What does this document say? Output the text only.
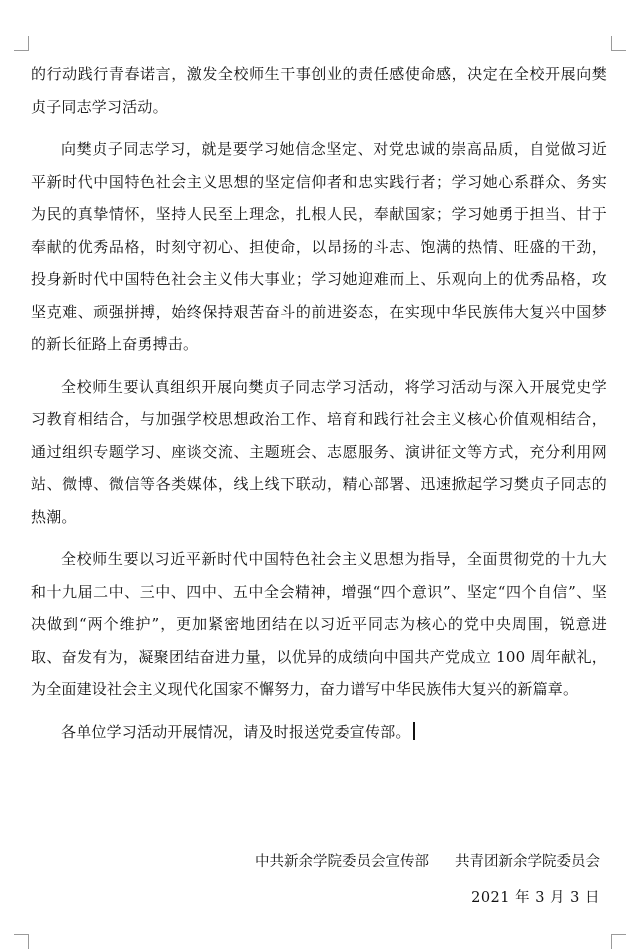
的行动践行青春诺言，激发全校师生干事创业的责任感使命感，决定在全校开展向樊贞子同志学习活动。

向樊贞子同志学习，就是要学习她信念坚定、对党忠诚的崇高品质，自觉做习近平新时代中国特色社会主义思想的坚定信仰者和忠实践行者；学习她心系群众、务实为民的真挚情怀，坚持人民至上理念，扎根人民，奉献国家；学习她勇于担当、甘于奉献的优秀品格，时刻守初心、担使命，以昂扬的斗志、饱满的热情、旺盛的干劲，投身新时代中国特色社会主义伟大事业；学习她迎难而上、乐观向上的优秀品格，攻坚克难、顽强拼搏，始终保持艰苦奋斗的前进姿态，在实现中华民族伟大复兴中国梦的新长征路上奋勇搏击。

全校师生要认真组织开展向樊贞子同志学习活动，将学习活动与深入开展党史学习教育相结合，与加强学校思想政治工作、培育和践行社会主义核心价值观相结合，通过组织专题学习、座谈交流、主题班会、志愿服务、演讲征文等方式，充分利用网站、微博、微信等各类媒体，线上线下联动，精心部署、迅速掀起学习樊贞子同志的热潮。

全校师生要以习近平新时代中国特色社会主义思想为指导，全面贯彻党的十九大和十九届二中、三中、四中、五中全会精神，增强“四个意识”、坚定“四个自信”、坚决做到“两个维护”，更加紧密地团结在以习近平同志为核心的党中央周围，锐意进取、奋发有为，凝聚团结奋进力量，以优异的成绩向中国共产党成立 100 周年献礼，为全面建设社会主义现代化国家不懈努力，奋力谱写中华民族伟大复兴的新篇章。

各单位学习活动开展情况，请及时报送党委宣传部。

中共新余学院委员会宣传部 共青团新余学院委员会
2021 年 3 月 3 日
